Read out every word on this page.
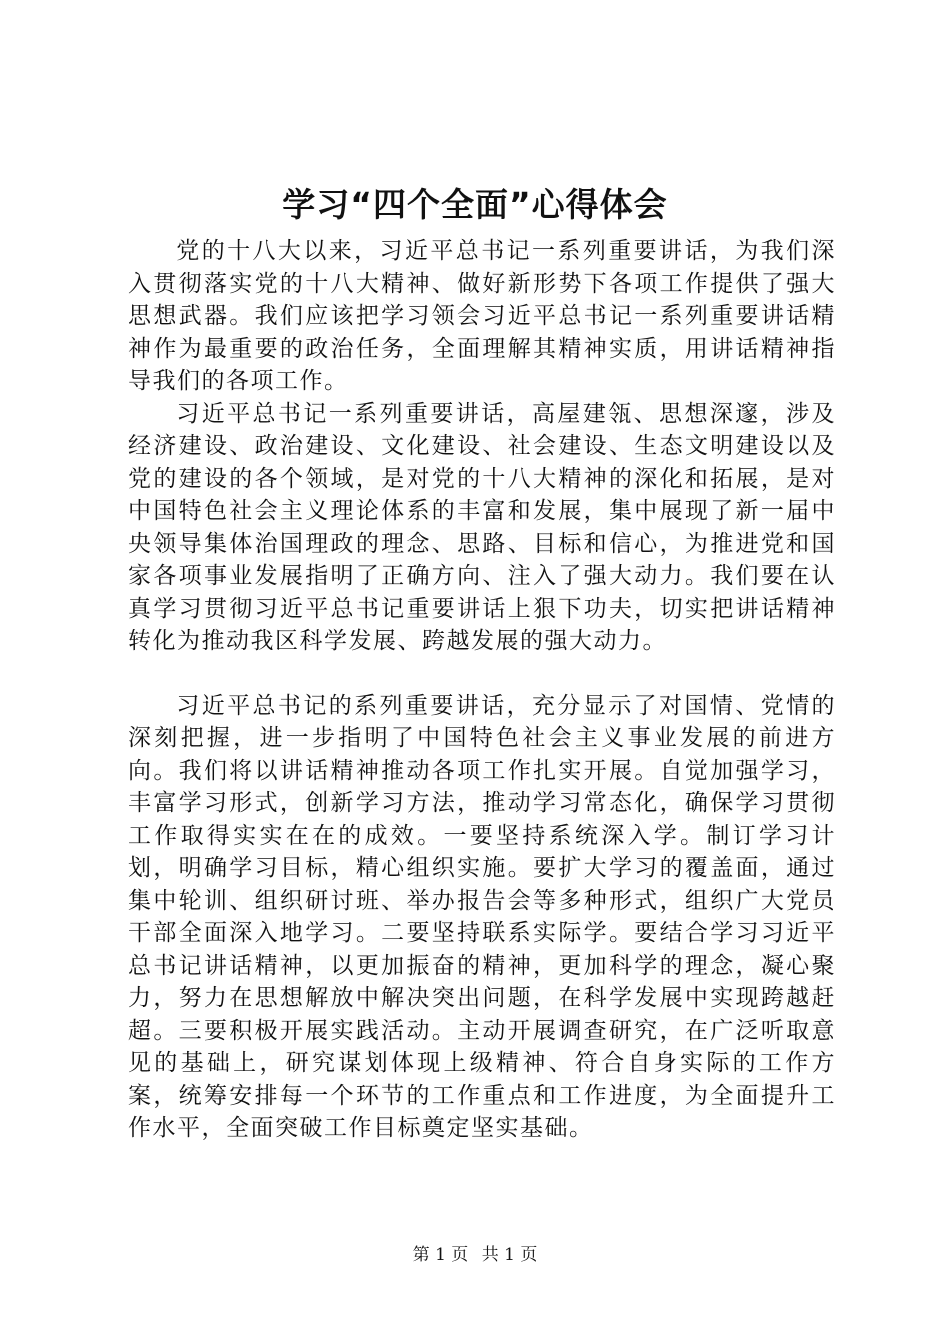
学习“四个全面”心得体会

党的十八大以来，习近平总书记一系列重要讲话，为我们深入贯彻落实党的十八大精神、做好新形势下各项工作提供了强大思想武器。我们应该把学习领会习近平总书记一系列重要讲话精神作为最重要的政治任务，全面理解其精神实质，用讲话精神指导我们的各项工作。

习近平总书记一系列重要讲话，高屋建瓴、思想深邃，涉及经济建设、政治建设、文化建设、社会建设、生态文明建设以及党的建设的各个领域，是对党的十八大精神的深化和拓展，是对中国特色社会主义理论体系的丰富和发展，集中展现了新一届中央领导集体治国理政的理念、思路、目标和信心，为推进党和国家各项事业发展指明了正确方向、注入了强大动力。我们要在认真学习贯彻习近平总书记重要讲话上狠下功夫，切实把讲话精神转化为推动我区科学发展、跨越发展的强大动力。

习近平总书记的系列重要讲话，充分显示了对国情、党情的深刻把握，进一步指明了中国特色社会主义事业发展的前进方向。我们将以讲话精神推动各项工作扎实开展。自觉加强学习，丰富学习形式，创新学习方法，推动学习常态化，确保学习贯彻工作取得实实在在的成效。一要坚持系统深入学。制订学习计划，明确学习目标，精心组织实施。要扩大学习的覆盖面，通过集中轮训、组织研讨班、举办报告会等多种形式，组织广大党员干部全面深入地学习。二要坚持联系实际学。要结合学习习近平总书记讲话精神，以更加振奋的精神，更加科学的理念，凝心聚力，努力在思想解放中解决突出问题，在科学发展中实现跨越赶超。三要积极开展实践活动。主动开展调查研究，在广泛听取意见的基础上，研究谋划体现上级精神、符合自身实际的工作方案，统筹安排每一个环节的工作重点和工作进度，为全面提升工作水平，全面突破工作目标奠定坚实基础。

第 1 页 共 1 页
